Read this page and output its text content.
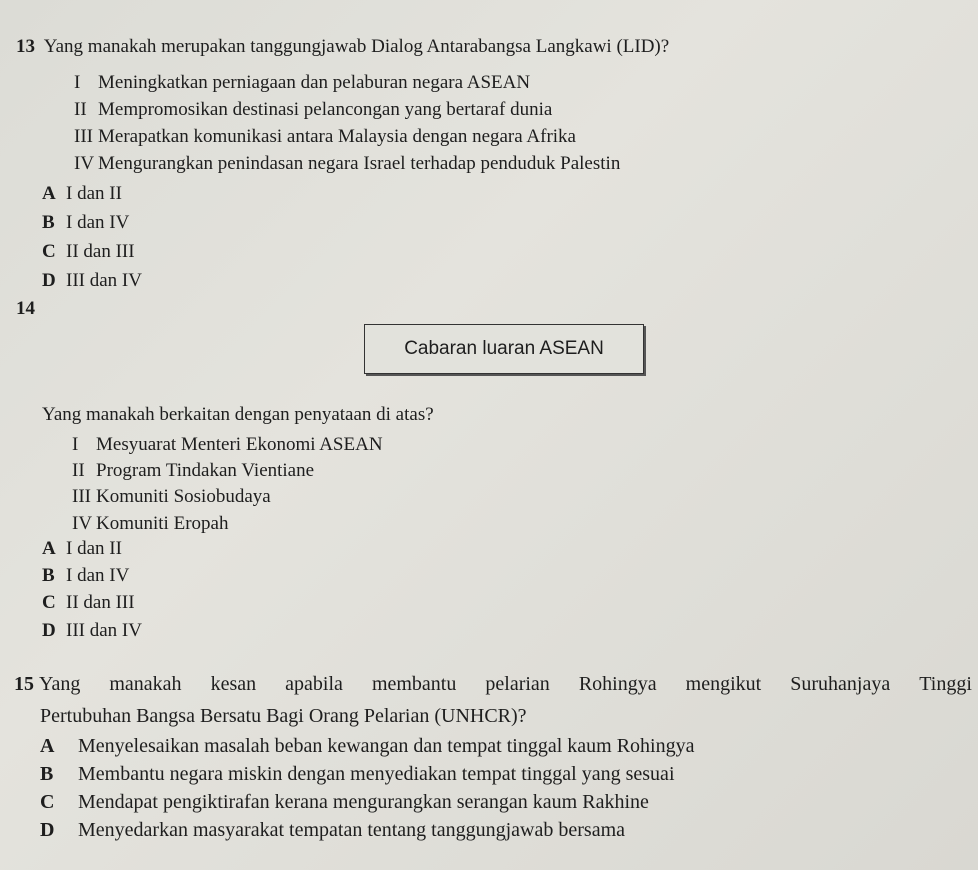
13 Yang manakah merupakan tanggungjawab Dialog Antarabangsa Langkawi (LID)?
I Meningkatkan perniagaan dan pelaburan negara ASEAN
II Mempromosikan destinasi pelancongan yang bertaraf dunia
III Merapatkan komunikasi antara Malaysia dengan negara Afrika
IV Mengurangkan penindasan negara Israel terhadap penduduk Palestin
A I dan II
B I dan IV
C II dan III
D III dan IV
14
Cabaran luaran ASEAN
Yang manakah berkaitan dengan penyataan di atas?
I Mesyuarat Menteri Ekonomi ASEAN
II Program Tindakan Vientiane
III Komuniti Sosiobudaya
IV Komuniti Eropah
A I dan II
B I dan IV
C II dan III
D III dan IV
15 Yang manakah kesan apabila membantu pelarian Rohingya mengikut Suruhanjaya Tinggi
Pertubuhan Bangsa Bersatu Bagi Orang Pelarian (UNHCR)?
A Menyelesaikan masalah beban kewangan dan tempat tinggal kaum Rohingya
B Membantu negara miskin dengan menyediakan tempat tinggal yang sesuai
C Mendapat pengiktirafan kerana mengurangkan serangan kaum Rakhine
D Menyedarkan masyarakat tempatan tentang tanggungjawab bersama
